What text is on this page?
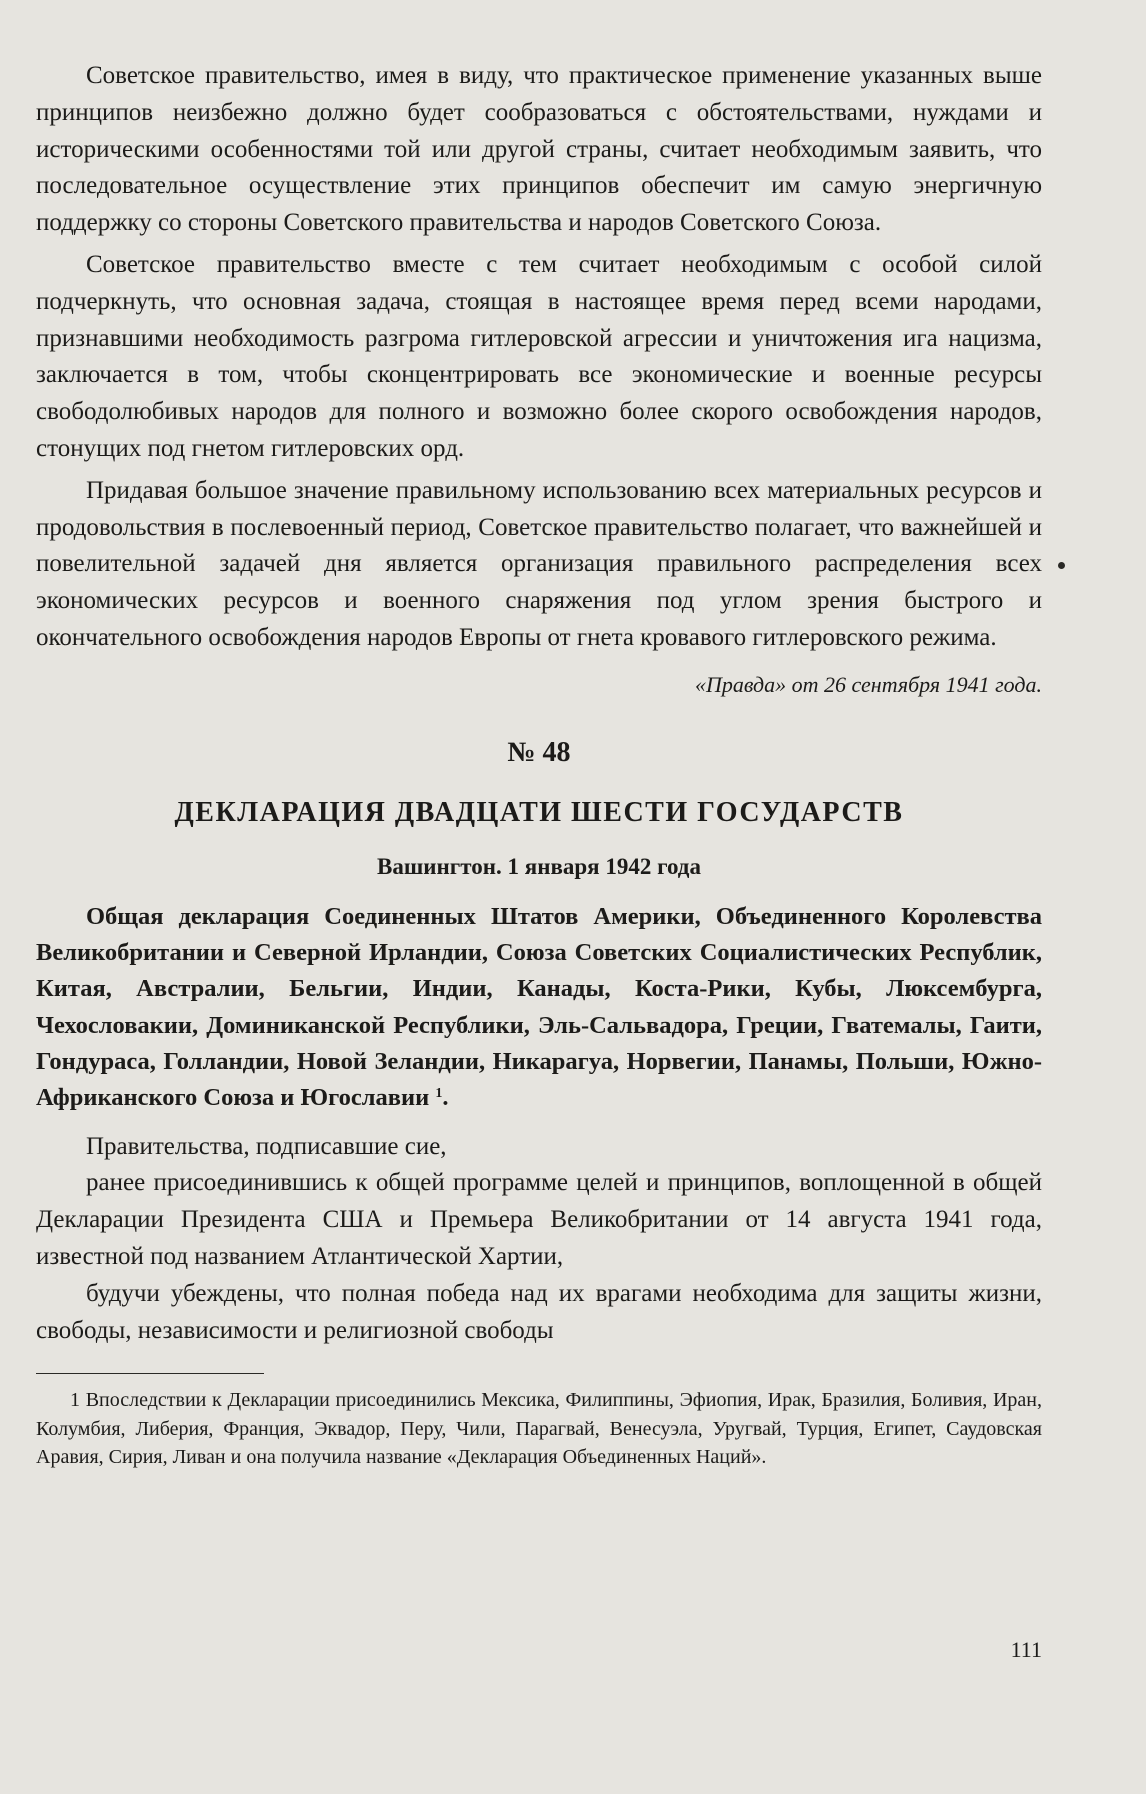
Советское правительство, имея в виду, что практическое применение указанных выше принципов неизбежно должно будет сообразоваться с обстоятельствами, нуждами и историческими особенностями той или другой страны, считает необходимым заявить, что последовательное осуществление этих принципов обеспечит им самую энергичную поддержку со стороны Советского правительства и народов Советского Союза.

Советское правительство вместе с тем считает необходимым с особой силой подчеркнуть, что основная задача, стоящая в настоящее время перед всеми народами, признавшими необходимость разгрома гитлеровской агрессии и уничтожения ига нацизма, заключается в том, чтобы сконцентрировать все экономические и военные ресурсы свободолюбивых народов для полного и возможно более скорого освобождения народов, стонущих под гнетом гитлеровских орд.

Придавая большое значение правильному использованию всех материальных ресурсов и продовольствия в послевоенный период, Советское правительство полагает, что важнейшей и повелительной задачей дня является организация правильного распределения всех экономических ресурсов и военного снаряжения под углом зрения быстрого и окончательного освобождения народов Европы от гнета кровавого гитлеровского режима.

«Правда» от 26 сентября 1941 года.

№ 48
ДЕКЛАРАЦИЯ ДВАДЦАТИ ШЕСТИ ГОСУДАРСТВ
Вашингтон. 1 января 1942 года

Общая декларация Соединенных Штатов Америки, Объединенного Королевства Великобритании и Северной Ирландии, Союза Советских Социалистических Республик, Китая, Австралии, Бельгии, Индии, Канады, Коста-Рики, Кубы, Люксембурга, Чехословакии, Доминиканской Республики, Эль-Сальвадора, Греции, Гватемалы, Гаити, Гондураса, Голландии, Новой Зеландии, Никарагуа, Норвегии, Панамы, Польши, Южно-Африканского Союза и Югославии $^1$.

Правительства, подписавшие сие,

ранее присоединившись к общей программе целей и принципов, воплощенной в общей Декларации Президента США и Премьера Великобритании от 14 августа 1941 года, известной под названием Атлантической Хартии,

будучи убеждены, что полная победа над их врагами необходима для защиты жизни, свободы, независимости и религиозной свободы

1 Впоследствии к Декларации присоединились Мексика, Филиппины, Эфиопия, Ирак, Бразилия, Боливия, Иран, Колумбия, Либерия, Франция, Эквадор, Перу, Чили, Парагвай, Венесуэла, Уругвай, Турция, Египет, Саудовская Аравия, Сирия, Ливан и она получила название «Декларация Объединенных Наций».

111
